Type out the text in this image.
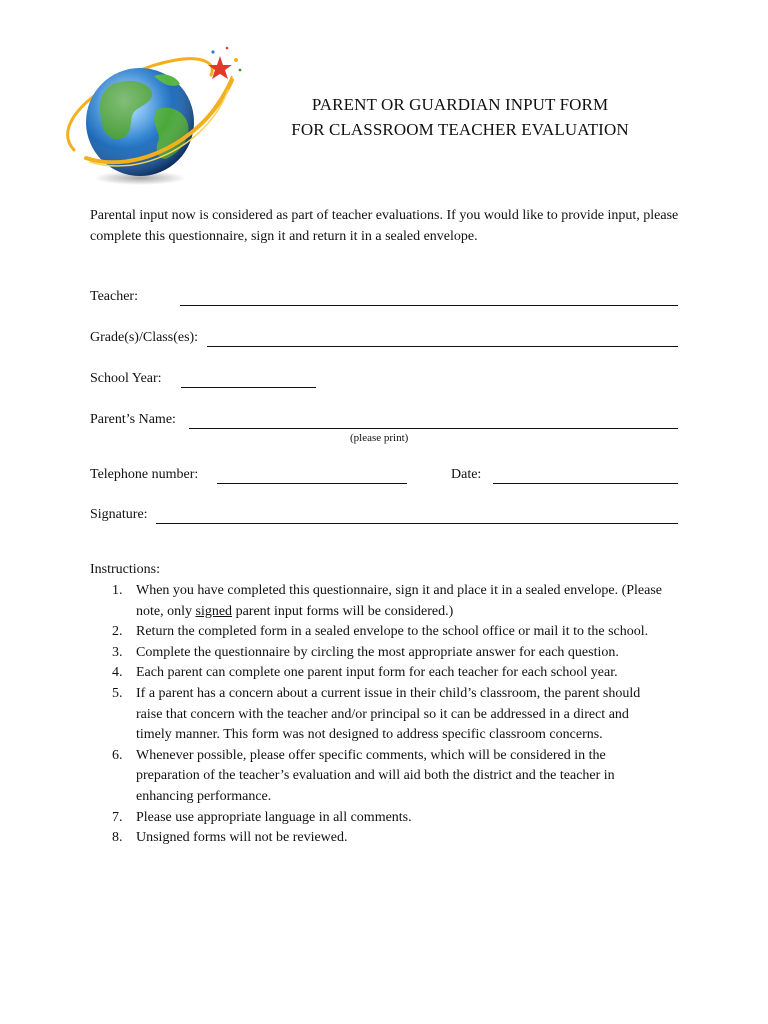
PARENT OR GUARDIAN INPUT FORM
FOR CLASSROOM TEACHER EVALUATION
Parental input now is considered as part of teacher evaluations. If you would like to provide input, please complete this questionnaire, sign it and return it in a sealed envelope.
Teacher:
Grade(s)/Class(es):
School Year:
Parent’s Name:
(please print)
Telephone number:	Date:
Signature:
Instructions:
1. When you have completed this questionnaire, sign it and place it in a sealed envelope. (Please note, only signed parent input forms will be considered.)
2. Return the completed form in a sealed envelope to the school office or mail it to the school.
3. Complete the questionnaire by circling the most appropriate answer for each question.
4. Each parent can complete one parent input form for each teacher for each school year.
5. If a parent has a concern about a current issue in their child’s classroom, the parent should raise that concern with the teacher and/or principal so it can be addressed in a direct and timely manner. This form was not designed to address specific classroom concerns.
6. Whenever possible, please offer specific comments, which will be considered in the preparation of the teacher’s evaluation and will aid both the district and the teacher in enhancing performance.
7. Please use appropriate language in all comments.
8. Unsigned forms will not be reviewed.
